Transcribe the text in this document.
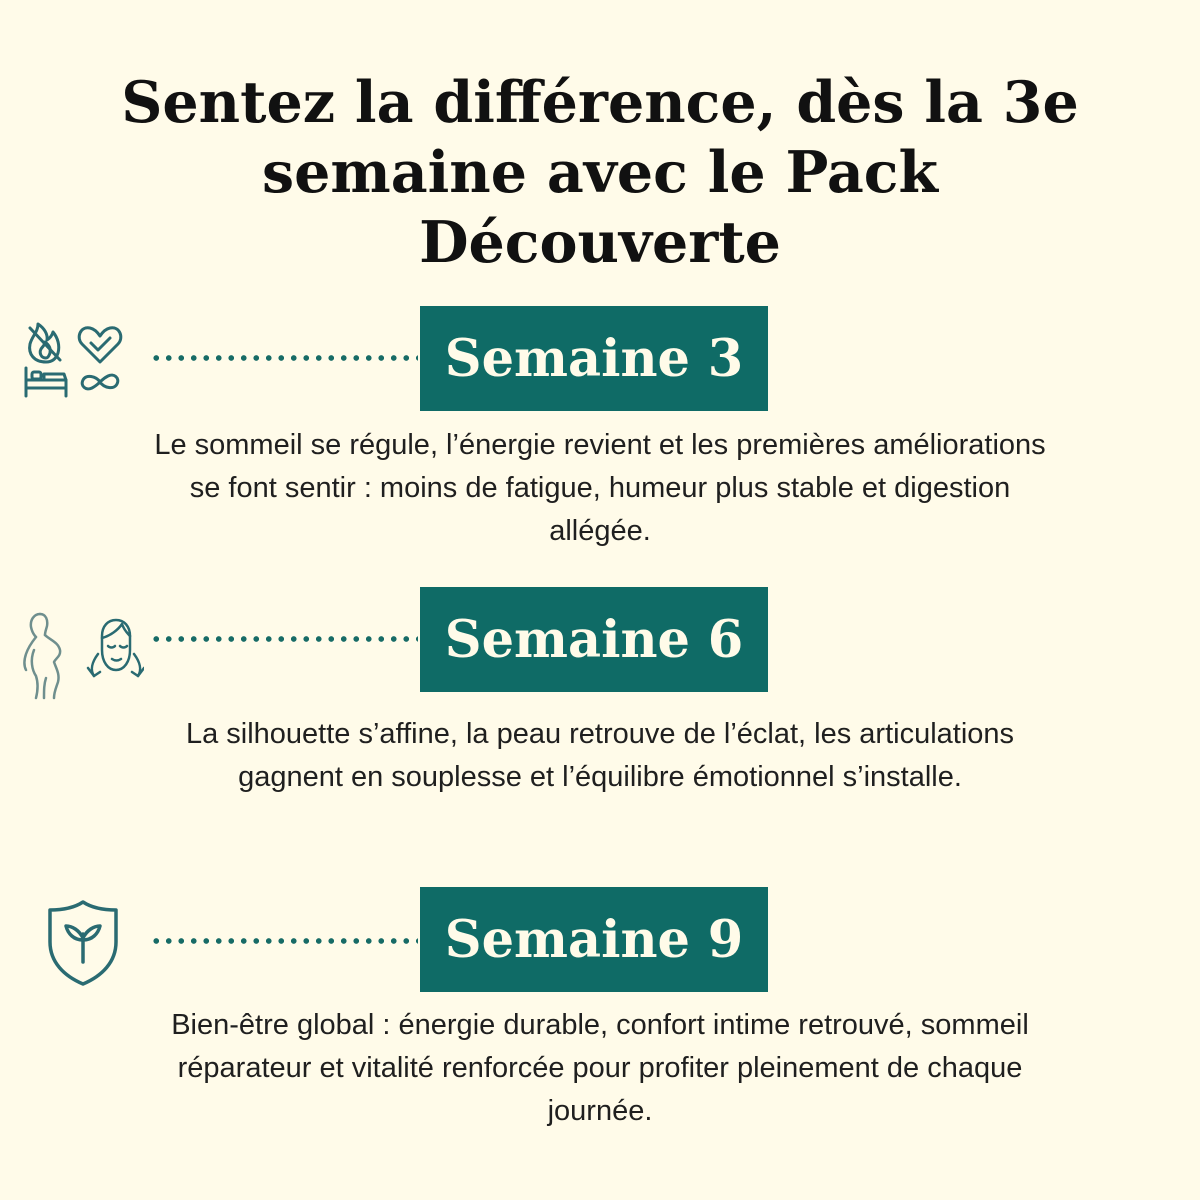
Sentez la différence, dès la 3e semaine avec le Pack Découverte
Semaine 3

Le sommeil se régule, l’énergie revient et les premières améliorations se font sentir : moins de fatigue, humeur plus stable et digestion allégée.

Semaine 6

La silhouette s’affine, la peau retrouve de l’éclat, les articulations gagnent en souplesse et l’équilibre émotionnel s’installe.

Semaine 9

Bien-être global : énergie durable, confort intime retrouvé, sommeil réparateur et vitalité renforcée pour profiter pleinement de chaque journée.
